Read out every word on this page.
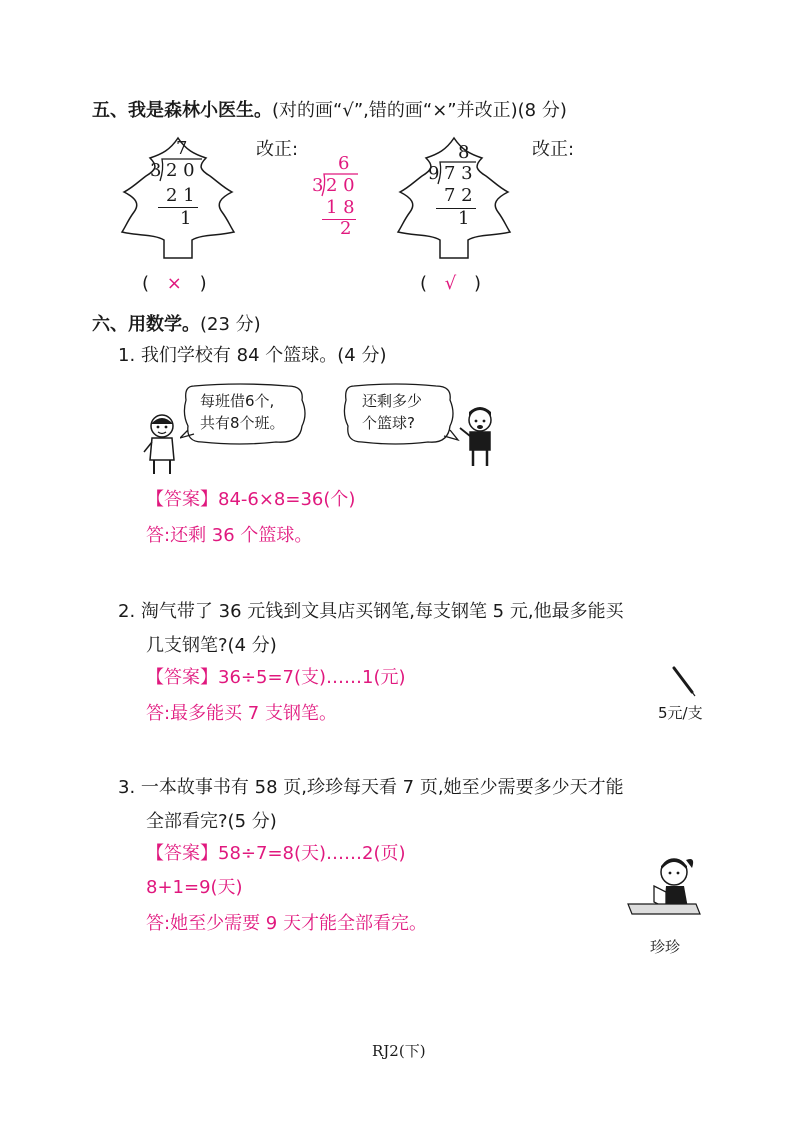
五、我是森林小医生。(对的画“√”,错的画“×”并改正)(8 分)
7
3 2 0
2 1
1
( × )
改正:
6
3 2 0
1 8
2
8
9 7 3
7 2
1
( √ )
改正:
六、用数学。(23 分)
1. 我们学校有 84 个篮球。(4 分)
每班借6个,
共有8个班。
还剩多少
个篮球?
【答案】84-6×8=36(个)
答:还剩 36 个篮球。
2. 淘气带了 36 元钱到文具店买钢笔,每支钢笔 5 元,他最多能买
几支钢笔?(4 分)
【答案】36÷5=7(支)……1(元)
答:最多能买 7 支钢笔。	5元/支
3. 一本故事书有 58 页,珍珍每天看 7 页,她至少需要多少天才能
全部看完?(5 分)
【答案】58÷7=8(天)……2(页)
8+1=9(天)
答:她至少需要 9 天才能全部看完。
珍珍
RJ2(下)
